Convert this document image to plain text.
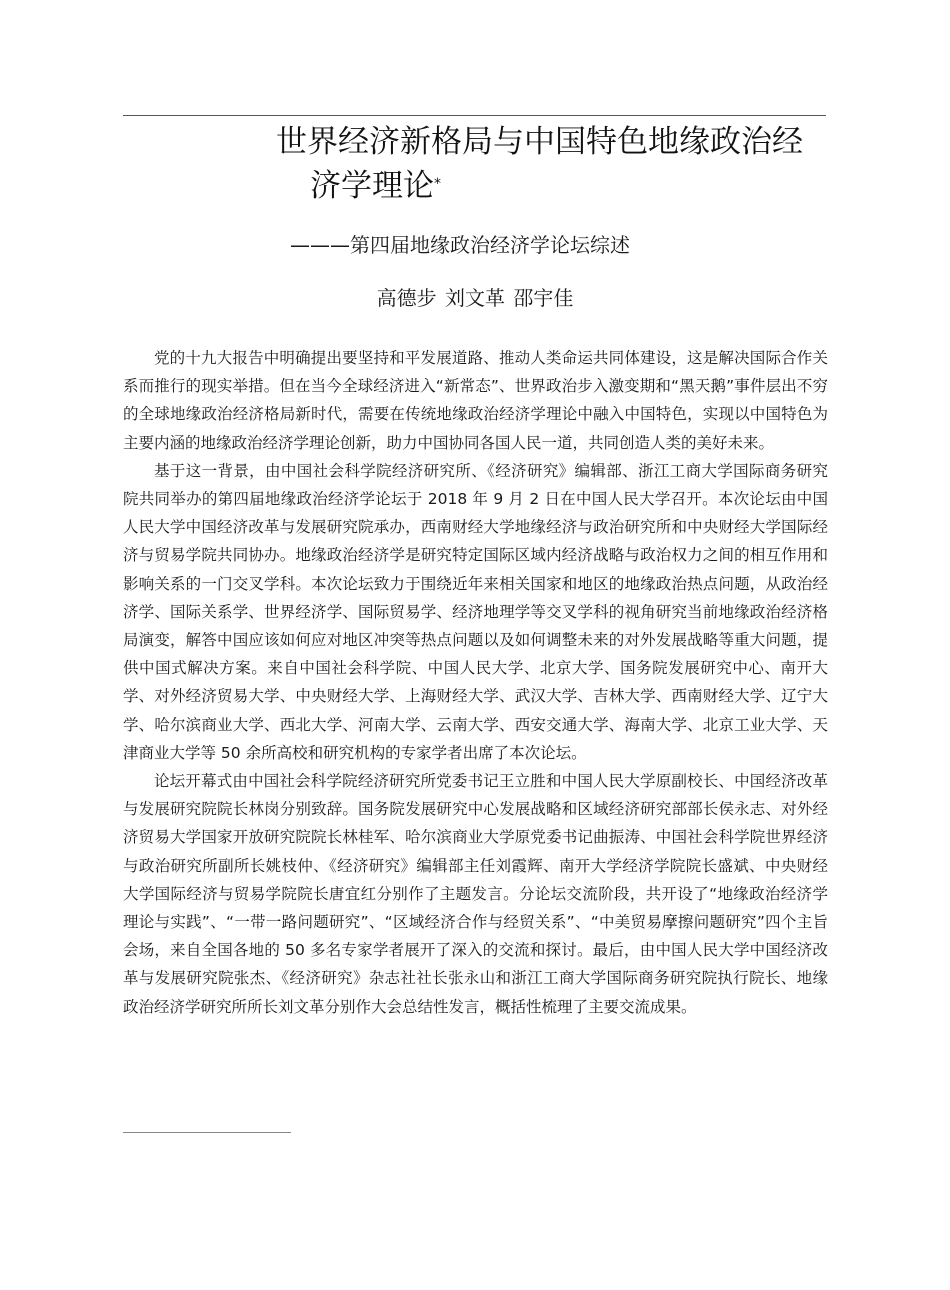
世界经济新格局与中国特色地缘政治经
济学理论*
———第四届地缘政治经济学论坛综述
高德步 刘文革 邵宇佳

党的十九大报告中明确提出要坚持和平发展道路、推动人类命运共同体建设，这是解决国际合作关系而推行的现实举措。但在当今全球经济进入“新常态”、世界政治步入激变期和“黑天鹅”事件层出不穷的全球地缘政治经济格局新时代，需要在传统地缘政治经济学理论中融入中国特色，实现以中国特色为主要内涵的地缘政治经济学理论创新，助力中国协同各国人民一道，共同创造人类的美好未来。

基于这一背景，由中国社会科学院经济研究所、《经济研究》编辑部、浙江工商大学国际商务研究院共同举办的第四届地缘政治经济学论坛于 2018 年 9 月 2 日在中国人民大学召开。本次论坛由中国人民大学中国经济改革与发展研究院承办，西南财经大学地缘经济与政治研究所和中央财经大学国际经济与贸易学院共同协办。地缘政治经济学是研究特定国际区域内经济战略与政治权力之间的相互作用和影响关系的一门交叉学科。本次论坛致力于围绕近年来相关国家和地区的地缘政治热点问题，从政治经济学、国际关系学、世界经济学、国际贸易学、经济地理学等交叉学科的视角研究当前地缘政治经济格局演变，解答中国应该如何应对地区冲突等热点问题以及如何调整未来的对外发展战略等重大问题，提供中国式解决方案。来自中国社会科学院、中国人民大学、北京大学、国务院发展研究中心、南开大学、对外经济贸易大学、中央财经大学、上海财经大学、武汉大学、吉林大学、西南财经大学、辽宁大学、哈尔滨商业大学、西北大学、河南大学、云南大学、西安交通大学、海南大学、北京工业大学、天津商业大学等 50 余所高校和研究机构的专家学者出席了本次论坛。

论坛开幕式由中国社会科学院经济研究所党委书记王立胜和中国人民大学原副校长、中国经济改革与发展研究院院长林岗分别致辞。国务院发展研究中心发展战略和区域经济研究部部长侯永志、对外经济贸易大学国家开放研究院院长林桂军、哈尔滨商业大学原党委书记曲振涛、中国社会科学院世界经济与政治研究所副所长姚枝仲、《经济研究》编辑部主任刘霞辉、南开大学经济学院院长盛斌、中央财经大学国际经济与贸易学院院长唐宜红分别作了主题发言。分论坛交流阶段，共开设了“地缘政治经济学理论与实践”、“一带一路问题研究”、“区域经济合作与经贸关系”、“中美贸易摩擦问题研究”四个主旨会场，来自全国各地的 50 多名专家学者展开了深入的交流和探讨。最后，由中国人民大学中国经济改革与发展研究院张杰、《经济研究》杂志社社长张永山和浙江工商大学国际商务研究院执行院长、地缘政治经济学研究所所长刘文革分别作大会总结性发言，概括性梳理了主要交流成果。
